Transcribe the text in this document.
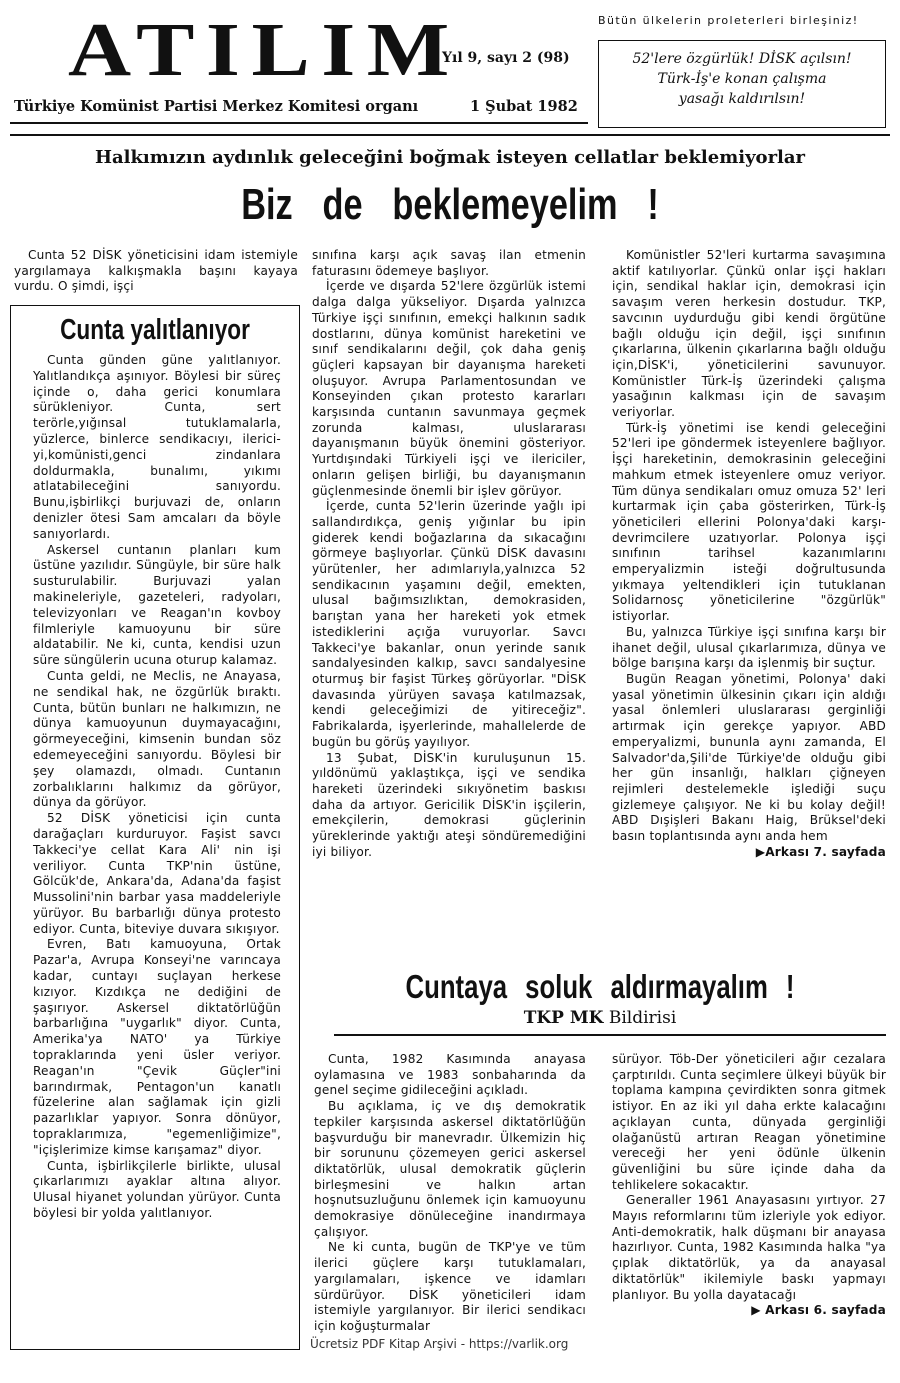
ATILIM
Yıl 9, sayı 2 (98)
Türkiye Komünist Partisi Merkez Komitesi organı	1 Şubat 1982
Bütün ülkelerin proleterleri birleşiniz!
52'lere özgürlük! DİSK açılsın!
Türk-İş'e konan çalışma
yasağı kaldırılsın!
Halkımızın aydınlık geleceğini boğmak isteyen cellatlar beklemiyorlar
Biz de beklemeyelim !

Cunta 52 DİSK yöneticisini idam istemiyle yargılamaya kalkışmakla başını kayaya vurdu. O şimdi, işçi

Cunta yalıtlanıyor

Cunta günden güne yalıtlanıyor. Yalıtlandıkça aşınıyor. Böylesi bir süreç içinde o, daha gerici konumlara sürükleniyor. Cunta, sert terörle,yığınsal tutuklamalarla, yüzlerce, binlerce sendikacıyı, ilerici-yi,komünisti,genci zindanlara doldurmakla, bunalımı, yıkımı atlatabileceğini sanıyordu. Bunu,işbirlikçi burjuvazi de, onların denizler ötesi Sam amcaları da böyle sanıyorlardı.

Askersel cuntanın planları kum üstüne yazılıdır. Süngüyle, bir süre halk susturulabilir. Burjuvazi yalan makineleriyle, gazeteleri, radyoları, televizyonları ve Reagan'ın kovboy filmleriyle kamuoyunu bir süre aldatabilir. Ne ki, cunta, kendisi uzun süre süngülerin ucuna oturup kalamaz.

Cunta geldi, ne Meclis, ne Anayasa, ne sendikal hak, ne özgürlük bıraktı. Cunta, bütün bunları ne halkımızın, ne dünya kamuoyunun duymayacağını, görmeyeceğini, kimsenin bundan söz edemeyeceğini sanıyordu. Böylesi bir şey olamazdı, olmadı. Cuntanın zorbalıklarını halkımız da görüyor, dünya da görüyor.

52 DİSK yöneticisi için cunta darağaçları kurduruyor. Faşist savcı Takkeci'ye cellat Kara Ali' nin işi veriliyor. Cunta TKP'nin üstüne, Gölcük'de, Ankara'da, Adana'da faşist Mussolini'nin barbar yasa maddeleriyle yürüyor. Bu barbarlığı dünya protesto ediyor. Cunta, biteviye duvara sıkışıyor.

Evren, Batı kamuoyuna, Ortak Pazar'a, Avrupa Konseyi'ne varıncaya kadar, cuntayı suçlayan herkese kızıyor. Kızdıkça ne dediğini de şaşırıyor. Askersel diktatörlüğün barbarlığına "uygarlık" diyor. Cunta, Amerika'ya NATO' ya Türkiye topraklarında yeni üsler veriyor. Reagan'ın "Çevik Güçler"ini barındırmak, Pentagon'un kanatlı füzelerine alan sağlamak için gizli pazarlıklar yapıyor. Sonra dönüyor, topraklarımıza, "egemenliğimize", "içişlerimize kimse karışamaz" diyor.

Cunta, işbirlikçilerle birlikte, ulusal çıkarlarımızı ayaklar altına alıyor. Ulusal hiyanet yolundan yürüyor. Cunta böylesi bir yolda yalıtlanıyor.

sınıfına karşı açık savaş ilan etmenin faturasını ödemeye başlıyor.

İçerde ve dışarda 52'lere özgürlük istemi dalga dalga yükseliyor. Dışarda yalnızca Türkiye işçi sınıfının, emekçi halkının sadık dostlarını, dünya komünist hareketini ve sınıf sendikalarını değil, çok daha geniş güçleri kapsayan bir dayanışma hareketi oluşuyor. Avrupa Parlamentosundan ve Konseyinden çıkan protesto kararları karşısında cuntanın savunmaya geçmek zorunda kalması, uluslararası dayanışmanın büyük önemini gösteriyor. Yurtdışındaki Türkiyeli işçi ve ilericiler, onların gelişen birliği, bu dayanışmanın güçlenmesinde önemli bir işlev görüyor.

İçerde, cunta 52'lerin üzerinde yağlı ipi sallandırdıkça, geniş yığınlar bu ipin giderek kendi boğazlarına da sıkacağını görmeye başlıyorlar. Çünkü DİSK davasını yürütenler, her adımlarıyla,yalnızca 52 sendikacının yaşamını değil, emekten, ulusal bağımsızlıktan, demokrasiden, barıştan yana her hareketi yok etmek istediklerini açığa vuruyorlar. Savcı Takkeci'ye bakanlar, onun yerinde sanık sandalyesinden kalkıp, savcı sandalyesine oturmuş bir faşist Türkeş görüyorlar. "DİSK davasında yürüyen savaşa katılmazsak, kendi geleceğimizi de yitireceğiz". Fabrikalarda, işyerlerinde, mahallelerde de bugün bu görüş yayılıyor.

13 Şubat, DİSK'in kuruluşunun 15. yıldönümü yaklaştıkça, işçi ve sendika hareketi üzerindeki sıkıyönetim baskısı daha da artıyor. Gericilik DİSK'in işçilerin, emekçilerin, demokrasi güçlerinin yüreklerinde yaktığı ateşi söndüremediğini iyi biliyor.

Komünistler 52'leri kurtarma savaşımına aktif katılıyorlar. Çünkü onlar işçi hakları için, sendikal haklar için, demokrasi için savaşım veren herkesin dostudur. TKP, savcının uydurduğu gibi kendi örgütüne bağlı olduğu için değil, işçi sınıfının çıkarlarına, ülkenin çıkarlarına bağlı olduğu için,DİSK'i, yöneticilerini savunuyor. Komünistler Türk-İş üzerindeki çalışma yasağının kalkması için de savaşım veriyorlar.

Türk-İş yönetimi ise kendi geleceğini 52'leri ipe göndermek isteyenlere bağlıyor. İşçi hareketinin, demokrasinin geleceğini mahkum etmek isteyenlere omuz veriyor. Tüm dünya sendikaları omuz omuza 52' leri kurtarmak için çaba gösterirken, Türk-İş yöneticileri ellerini Polonya'daki karşı-devrimcilere uzatıyorlar. Polonya işçi sınıfının tarihsel kazanımlarını emperyalizmin isteği doğrultusunda yıkmaya yeltendikleri için tutuklanan Solidarnosç yöneticilerine "özgürlük" istiyorlar.

Bu, yalnızca Türkiye işçi sınıfına karşı bir ihanet değil, ulusal çıkarlarımıza, dünya ve bölge barışına karşı da işlenmiş bir suçtur.

Bugün Reagan yönetimi, Polonya' daki yasal yönetimin ülkesinin çıkarı için aldığı yasal önlemleri uluslararası gerginliği artırmak için gerekçe yapıyor. ABD emperyalizmi, bununla aynı zamanda, El Salvador'da,Şili'de Türkiye'de olduğu gibi her gün insanlığı, halkları çiğneyen rejimleri destelemekle işlediği suçu gizlemeye çalışıyor. Ne ki bu kolay değil! ABD Dışişleri Bakanı Haig, Brüksel'deki basın toplantısında aynı anda hem

▶Arkası 7. sayfada
Cuntaya soluk aldırmayalım !
TKP MK Bildirisi

Cunta, 1982 Kasımında anayasa oylamasına ve 1983 sonbaharında da genel seçime gidileceğini açıkladı.

Bu açıklama, iç ve dış demokratik tepkiler karşısında askersel diktatörlüğün başvurduğu bir manevradır. Ülkemizin hiç bir sorununu çözemeyen gerici askersel diktatörlük, ulusal demokratik güçlerin birleşmesini ve halkın artan hoşnutsuzluğunu önlemek için kamuoyunu demokrasiye dönüleceğine inandırmaya çalışıyor.

Ne ki cunta, bugün de TKP'ye ve tüm ilerici güçlere karşı tutuklamaları, yargılamaları, işkence ve idamları sürdürüyor. DİSK yöneticileri idam istemiyle yargılanıyor. Bir ilerici sendikacı için koğuşturmalar

sürüyor. Töb-Der yöneticileri ağır cezalara çarptırıldı. Cunta seçimlere ülkeyi büyük bir toplama kampına çevirdikten sonra gitmek istiyor. En az iki yıl daha erkte kalacağını açıklayan cunta, dünyada gerginliği olağanüstü artıran Reagan yönetimine vereceği her yeni ödünle ülkenin güvenliğini bu süre içinde daha da tehlikelere sokacaktır.

Generaller 1961 Anayasasını yırtıyor. 27 Mayıs reformlarını tüm izleriyle yok ediyor. Anti-demokratik, halk düşmanı bir anayasa hazırlıyor. Cunta, 1982 Kasımında halka "ya çıplak diktatörlük, ya da anayasal diktatörlük" ikilemiyle baskı yapmayı planlıyor. Bu yolla dayatacağı

▶ Arkası 6. sayfada
Ücretsiz PDF Kitap Arşivi - https://varlik.org
